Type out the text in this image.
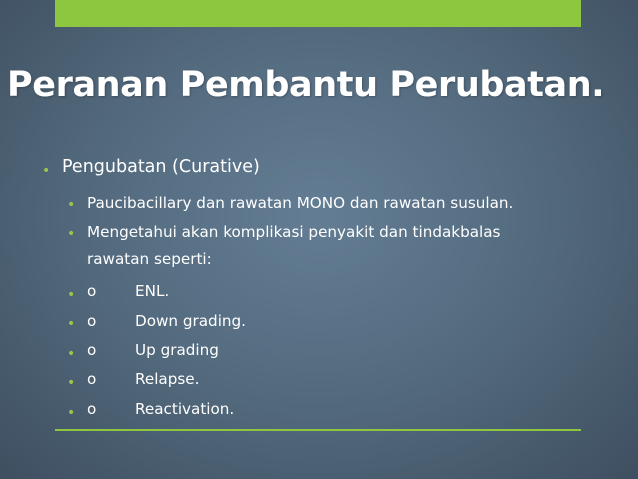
Peranan Pembantu Perubatan.
• Pengubatan (Curative)
• Paucibacillary dan rawatan MONO dan rawatan susulan.
• Mengetahui akan komplikasi penyakit dan tindakbalas
rawatan seperti:
• o	ENL.
• o	Down grading.
• o	Up grading
• o	Relapse.
• o	Reactivation.
